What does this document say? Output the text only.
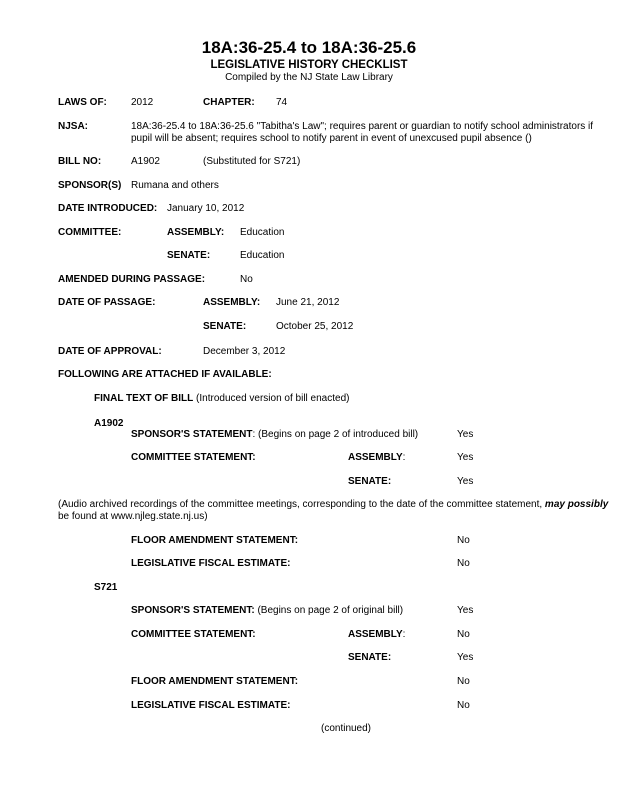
18A:36-25.4 to 18A:36-25.6
LEGISLATIVE HISTORY CHECKLIST
Compiled by the NJ State Law Library
LAWS OF: 2012	CHAPTER: 74
NJSA:	18A:36-25.4 to 18A:36-25.6 "Tabitha's Law"; requires parent or guardian to notify school administrators if
pupil will be absent; requires school to notify parent in event of unexcused pupil absence ()
BILL NO:	A1902	(Substituted for S721)
SPONSOR(S) Rumana and others
DATE INTRODUCED: January 10, 2012
COMMITTEE:	ASSEMBLY: Education
SENATE:	Education
AMENDED DURING PASSAGE:	No
DATE OF PASSAGE:	ASSEMBLY: June 21, 2012
SENATE:	October 25, 2012
DATE OF APPROVAL:	December 3, 2012
FOLLOWING ARE ATTACHED IF AVAILABLE:
FINAL TEXT OF BILL (Introduced version of bill enacted)
A1902
SPONSOR'S STATEMENT: (Begins on page 2 of introduced bill)	Yes
COMMITTEE STATEMENT:	ASSEMBLY:	Yes
SENATE:	Yes
(Audio archived recordings of the committee meetings, corresponding to the date of the committee statement, may possibly
be found at www.njleg.state.nj.us)
FLOOR AMENDMENT STATEMENT:	No
LEGISLATIVE FISCAL ESTIMATE:	No
S721
SPONSOR'S STATEMENT: (Begins on page 2 of original bill)	Yes
COMMITTEE STATEMENT:	ASSEMBLY:	No
SENATE:	Yes
FLOOR AMENDMENT STATEMENT:	No
LEGISLATIVE FISCAL ESTIMATE:	No
(continued)
